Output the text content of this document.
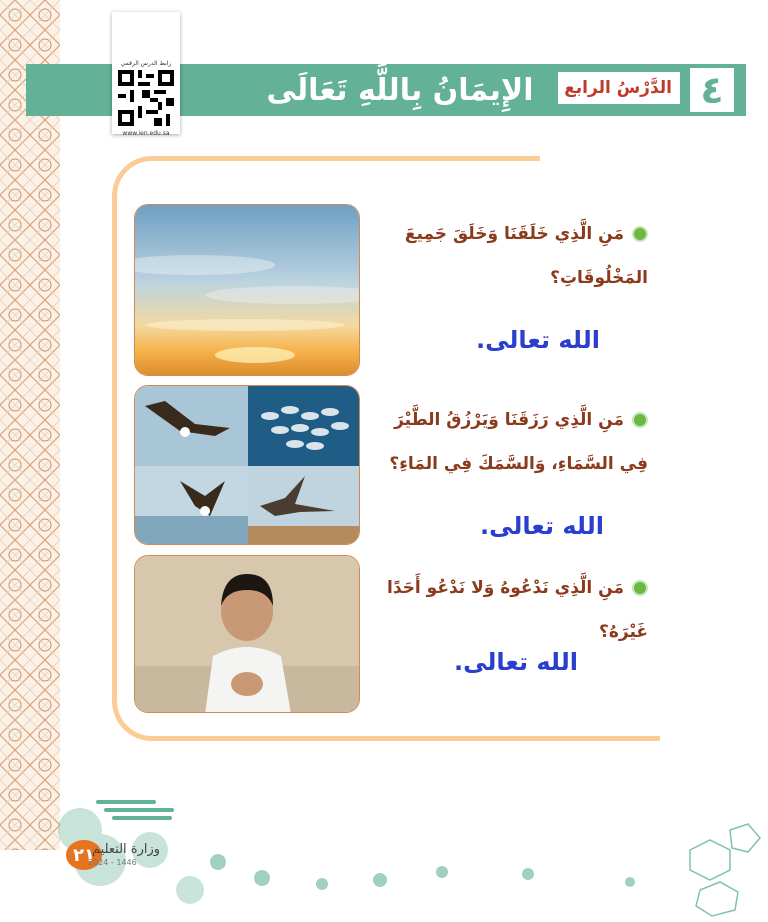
الإِيمَانُ بِاللَّهِ تَعَالَى	الدَّرْسُ الرابع ٤
رابط الدرس الرقمي
www.ien.edu.sa
مَنِ الَّذِي خَلَقَنَا وَخَلَقَ جَمِيعَ المَخْلُوقَاتِ؟
الله تعالى.
مَنِ الَّذِي رَزَقَنَا وَيَرْزُقُ الطَّيْرَ فِي السَّمَاءِ، وَالسَّمَكَ فِي المَاءِ؟
الله تعالى.
مَنِ الَّذِي نَدْعُوهُ وَلا نَدْعُو أَحَدًا غَيْرَهُ؟
الله تعالى.
٢١
وزارة التعليم
2024 - 1446
